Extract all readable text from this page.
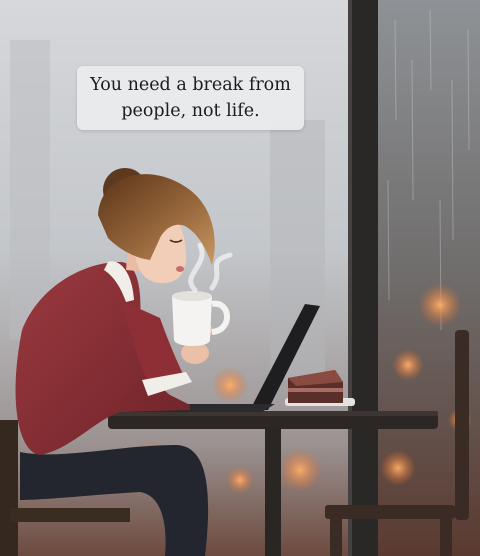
You need a break from
people, not life.
